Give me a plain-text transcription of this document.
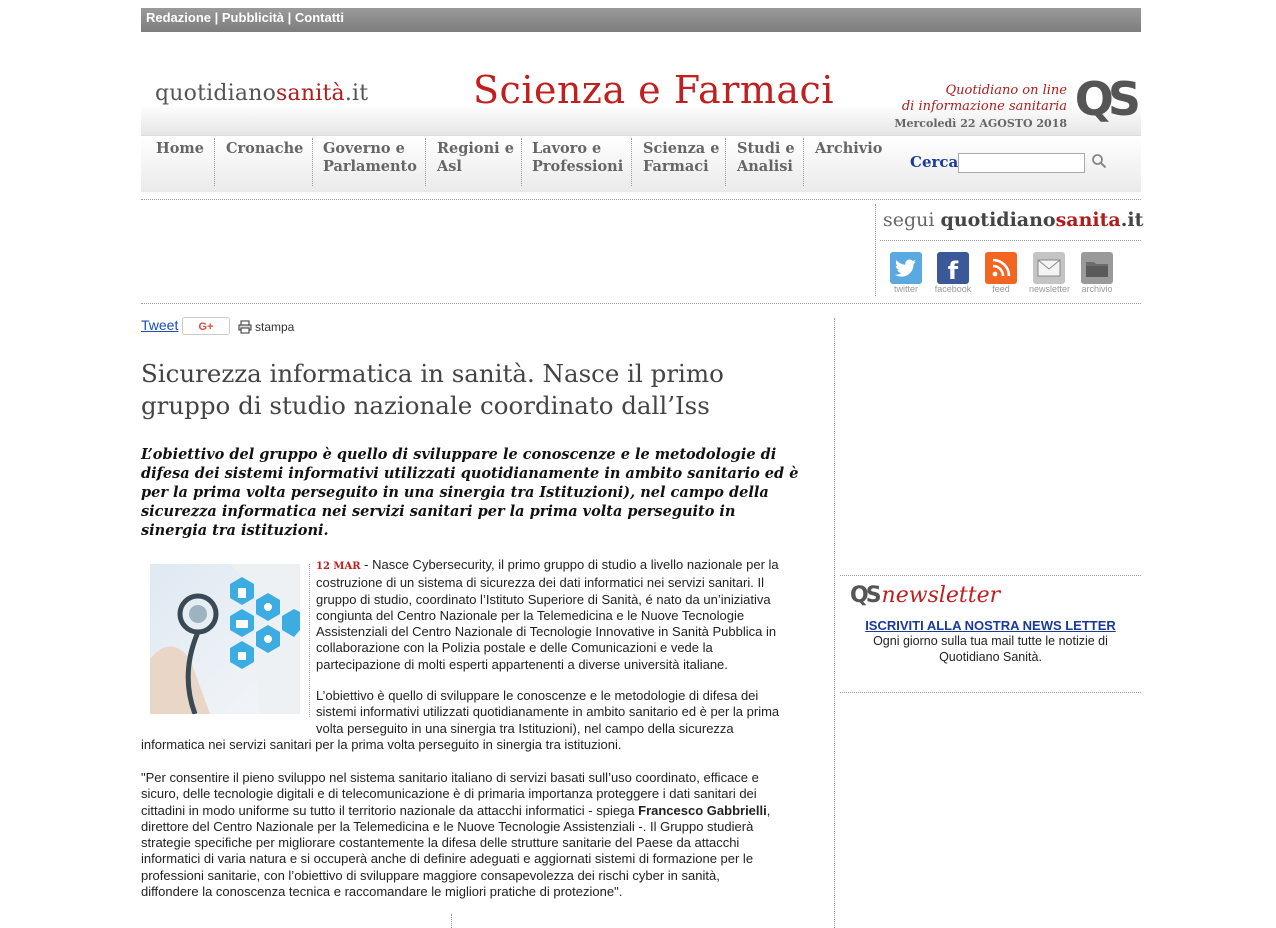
Redazione | Pubblicità | Contatti
quotidianosanità.it	Scienza e Farmaci	Quotidiano on line
di informazione sanitaria
Mercoledì 22 AGOSTO 2018 QS
Home Cronache Governo e
Parlamento
Regioni e
Asl
Lavoro e
Professioni
Scienza e
Farmaci
Studi e
Analisi
Archivio
Cerca
segui quotidianosanita.it
twitter
f
facebook	feed	newsletter	archivio
Tweet	G+	stampa
Sicurezza informatica in sanità. Nasce il primo
gruppo di studio nazionale coordinato dall’Iss
L’obiettivo del gruppo è quello di sviluppare le conoscenze e le metodologie di
difesa dei sistemi informativi utilizzati quotidianamente in ambito sanitario ed è
per la prima volta perseguito in una sinergia tra Istituzioni), nel campo della
sicurezza informatica nei servizi sanitari per la prima volta perseguito in
sinergia tra istituzioni.
12 MAR - Nasce Cybersecurity, il primo gruppo di studio a livello nazionale per la
costruzione di un sistema di sicurezza dei dati informatici nei servizi sanitari. Il
gruppo di studio, coordinato l’Istituto Superiore di Sanità, é nato da un’iniziativa
congiunta del Centro Nazionale per la Telemedicina e le Nuove Tecnologie
Assistenziali del Centro Nazionale di Tecnologie Innovative in Sanità Pubblica in
collaborazione con la Polizia postale e delle Comunicazioni e vede la
partecipazione di molti esperti appartenenti a diverse università italiane.
L’obiettivo è quello di sviluppare le conoscenze e le metodologie di difesa dei
sistemi informativi utilizzati quotidianamente in ambito sanitario ed è per la prima
volta perseguito in una sinergia tra Istituzioni), nel campo della sicurezza
informatica nei servizi sanitari per la prima volta perseguito in sinergia tra istituzioni.
"Per consentire il pieno sviluppo nel sistema sanitario italiano di servizi basati sull’uso coordinato, efficace e
sicuro, delle tecnologie digitali e di telecomunicazione è di primaria importanza proteggere i dati sanitari dei
cittadini in modo uniforme su tutto il territorio nazionale da attacchi informatici - spiega Francesco Gabbrielli,
direttore del Centro Nazionale per la Telemedicina e le Nuove Tecnologie Assistenziali -. Il Gruppo studierà
strategie specifiche per migliorare costantemente la difesa delle strutture sanitarie del Paese da attacchi
informatici di varia natura e si occuperà anche di definire adeguati e aggiornati sistemi di formazione per le
professioni sanitarie, con l’obiettivo di sviluppare maggiore consapevolezza dei rischi cyber in sanità,
diffondere la conoscenza tecnica e raccomandare le migliori pratiche di protezione".
QS newsletter
ISCRIVITI ALLA NOSTRA NEWS LETTER
Ogni giorno sulla tua mail tutte le notizie di
Quotidiano Sanità.
